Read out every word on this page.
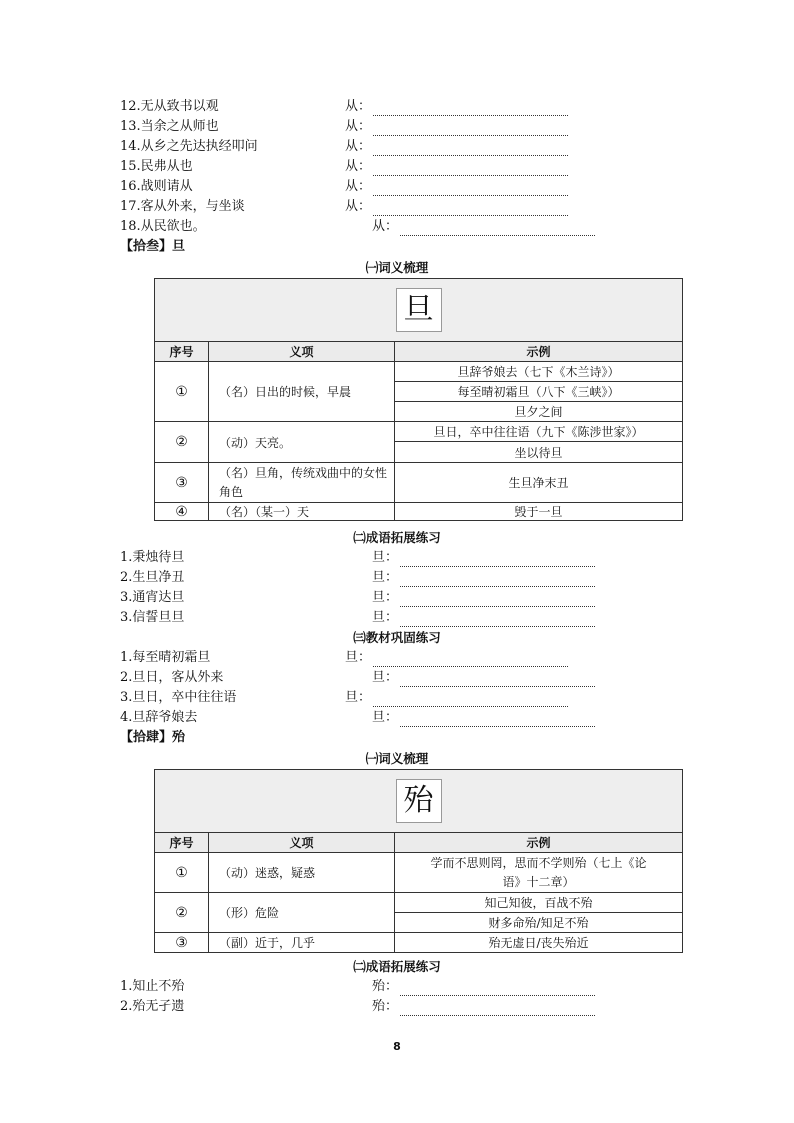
12.无从致书以观	从：
13.当余之从师也	从：
14.从乡之先达执经叩问	从：
15.民弗从也	从：
16.战则请从	从：
17.客从外来，与坐谈	从：
18.从民欲也。	从：
【拾叁】旦
㈠词义梳理
旦		
序号	义项	示例
①	（名）日出的时候，早晨	旦辞爷娘去（七下《木兰诗》）
		每至晴初霜旦（八下《三峡》）
		旦夕之间
②	（动）天亮。	旦日，卒中往往语（九下《陈涉世家》）
		坐以待旦
③	（名）旦角，传统戏曲中的女性角色	生旦净末丑
④	（名）（某一）天	毁于一旦
㈡成语拓展练习
1.秉烛待旦	旦：
2.生旦净丑	旦：
3.通宵达旦	旦：
3.信誓旦旦	旦：
㈢教材巩固练习
1.每至晴初霜旦	旦：
2.旦日，客从外来	旦：
3.旦日，卒中往往语	旦：
4.旦辞爷娘去	旦：
【拾肆】殆
㈠词义梳理
殆		
序号	义项	示例
①	（动）迷惑，疑惑	学而不思则罔，思而不学则殆（七上《论语》十二章）
②	（形）危险	知己知彼，百战不殆
		财多命殆/知足不殆
③	（副）近于，几乎	殆无虚日/丧失殆近
㈡成语拓展练习
1.知止不殆	殆：
2.殆无孑遗	殆：
8
